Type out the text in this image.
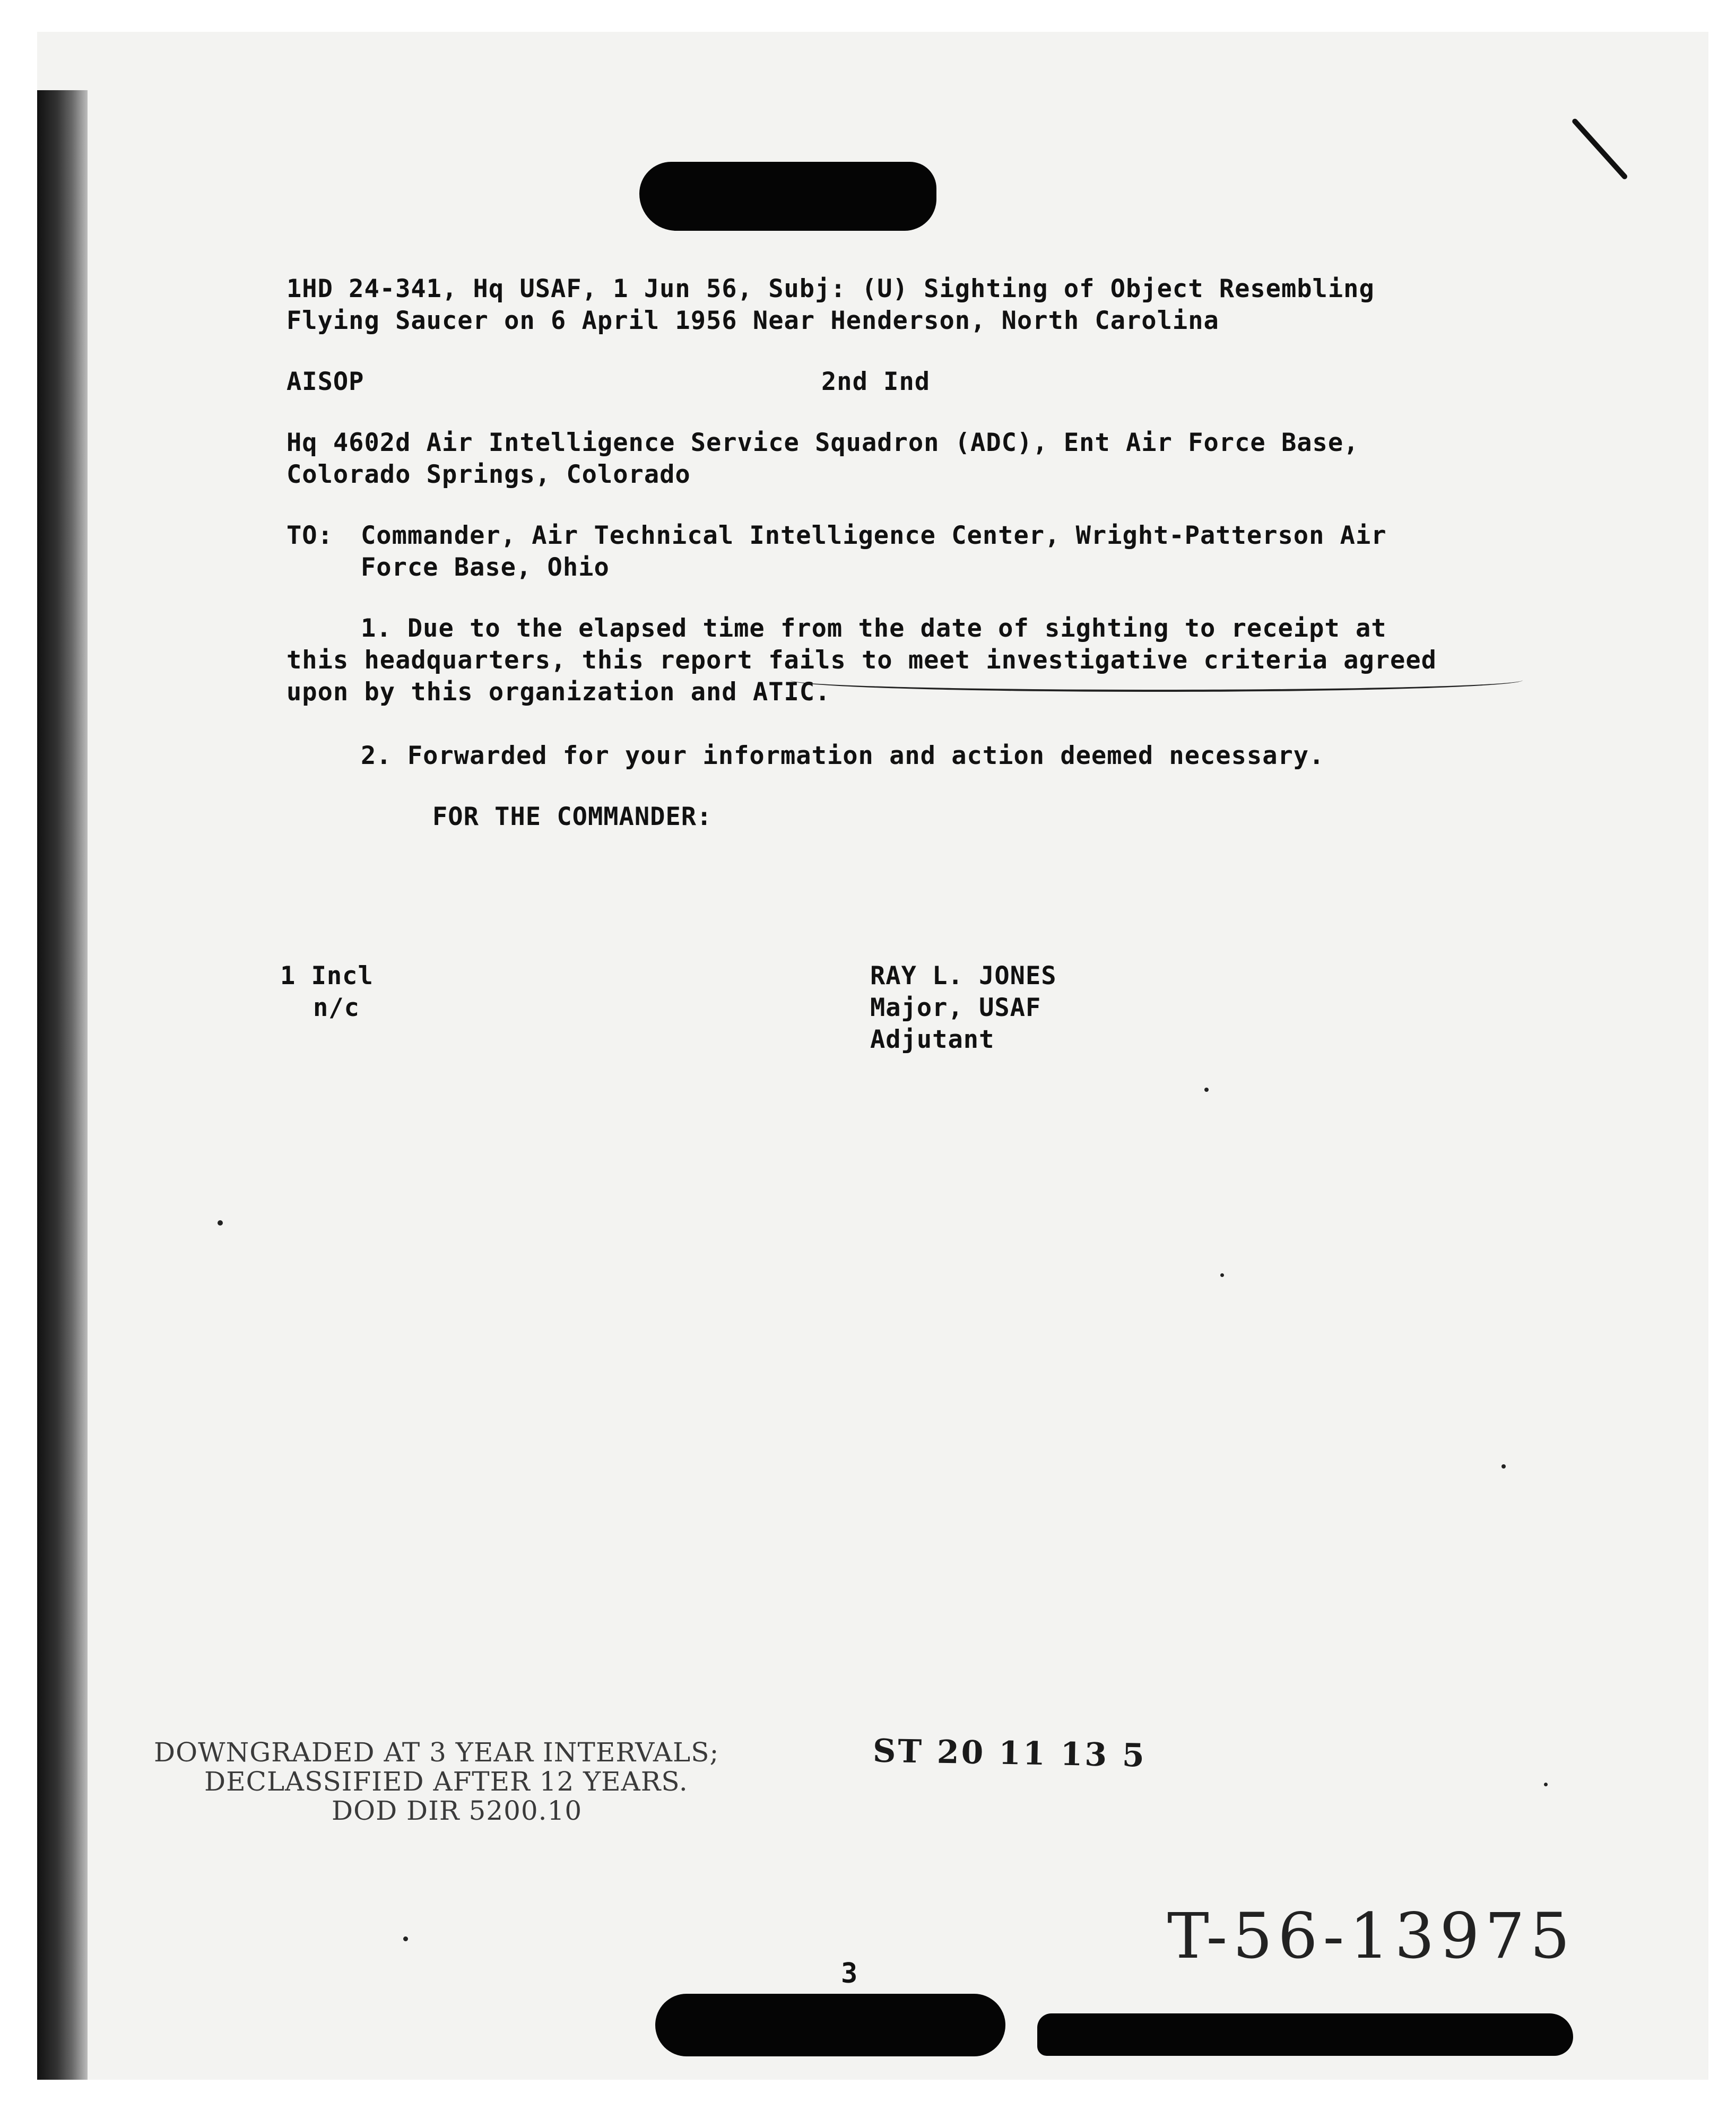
1HD 24-341, Hq USAF, 1 Jun 56, Subj: (U) Sighting of Object Resembling
Flying Saucer on 6 April 1956 Near Henderson, North Carolina
AISOP	2nd Ind
Hq 4602d Air Intelligence Service Squadron (ADC), Ent Air Force Base,
Colorado Springs, Colorado
TO: Commander, Air Technical Intelligence Center, Wright-Patterson Air
Force Base, Ohio
1. Due to the elapsed time from the date of sighting to receipt at
this headquarters, this report fails to meet investigative criteria agreed
upon by this organization and ATIC.
2. Forwarded for your information and action deemed necessary.
FOR THE COMMANDER:
1 Incl
n/c
RAY L. JONES
Major, USAF
Adjutant
DOWNGRADED AT 3 YEAR INTERVALS;
DECLASSIFIED AFTER 12 YEARS.
DOD DIR 5200.10
ST 20 11 13 5
T-56-13975
3
